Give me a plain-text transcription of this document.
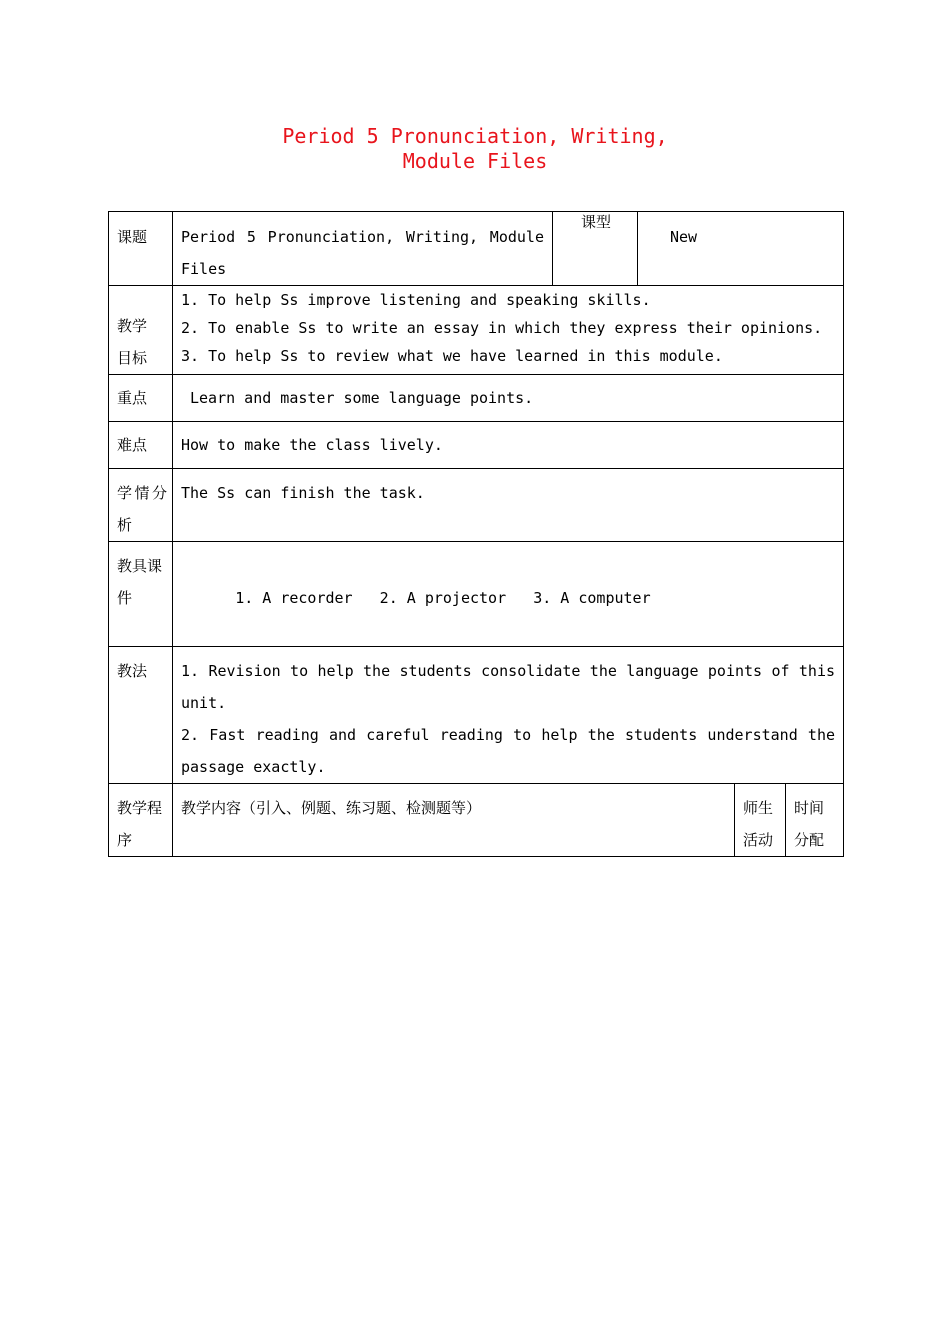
Period 5 Pronunciation, Writing,
Module Files
课题	Period 5 Pronunciation, Writing, Module Files	课型	New		

教学目标	1. To help Ss improve listening and speaking skills.
2. To enable Ss to write an essay in which they express their opinions.
3. To help Ss to review what we have learned in this module.				

重点	Learn and master some language points.				
难点	How to make the class lively.				

学情分析	The Ss can finish the task.				

教具课件	1. A recorder   2. A projector   3. A computer				

教法	1. Revision to help the students consolidate the language points of this unit.
2. Fast reading and careful reading to help the students understand the passage exactly.				

教学程序	教学内容（引入、例题、练习题、检测题等）			师生活动	时间分配
